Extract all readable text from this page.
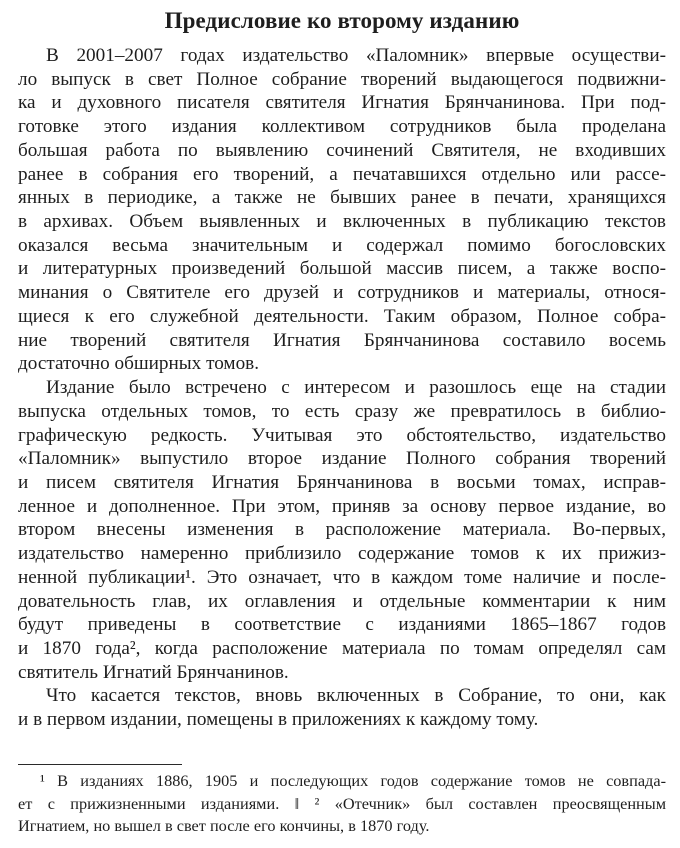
Предисловие ко второму изданию
В 2001–2007 годах издательство «Паломник» впервые осуществи-
ло выпуск в свет Полное собрание творений выдающегося подвижни-
ка и духовного писателя святителя Игнатия Брянчанинова. При под-
готовке этого издания коллективом сотрудников была проделана
большая работа по выявлению сочинений Святителя, не входивших
ранее в собрания его творений, а печатавшихся отдельно или рассе-
янных в периодике, а также не бывших ранее в печати, хранящихся
в архивах. Объем выявленных и включенных в публикацию текстов
оказался весьма значительным и содержал помимо богословских
и литературных произведений большой массив писем, а также воспо-
минания о Святителе его друзей и сотрудников и материалы, относя-
щиеся к его служебной деятельности. Таким образом, Полное собра-
ние творений святителя Игнатия Брянчанинова составило восемь
достаточно обширных томов.
Издание было встречено с интересом и разошлось еще на стадии
выпуска отдельных томов, то есть сразу же превратилось в библио-
графическую редкость. Учитывая это обстоятельство, издательство
«Паломник» выпустило второе издание Полного собрания творений
и писем святителя Игнатия Брянчанинова в восьми томах, исправ-
ленное и дополненное. При этом, приняв за основу первое издание, во
втором внесены изменения в расположение материала. Во-первых,
издательство намеренно приблизило содержание томов к их прижиз-
ненной публикации¹. Это означает, что в каждом томе наличие и после-
довательность глав, их оглавления и отдельные комментарии к ним
будут приведены в соответствие с изданиями 1865–1867 годов
и 1870 года², когда расположение материала по томам определял сам
святитель Игнатий Брянчанинов.
Что касается текстов, вновь включенных в Собрание, то они, как
и в первом издании, помещены в приложениях к каждому тому.
¹ В изданиях 1886, 1905 и последующих годов содержание томов не совпада-
ет с прижизненными изданиями. ‖ ² «Отечник» был составлен преосвященным
Игнатием, но вышел в свет после его кончины, в 1870 году.
